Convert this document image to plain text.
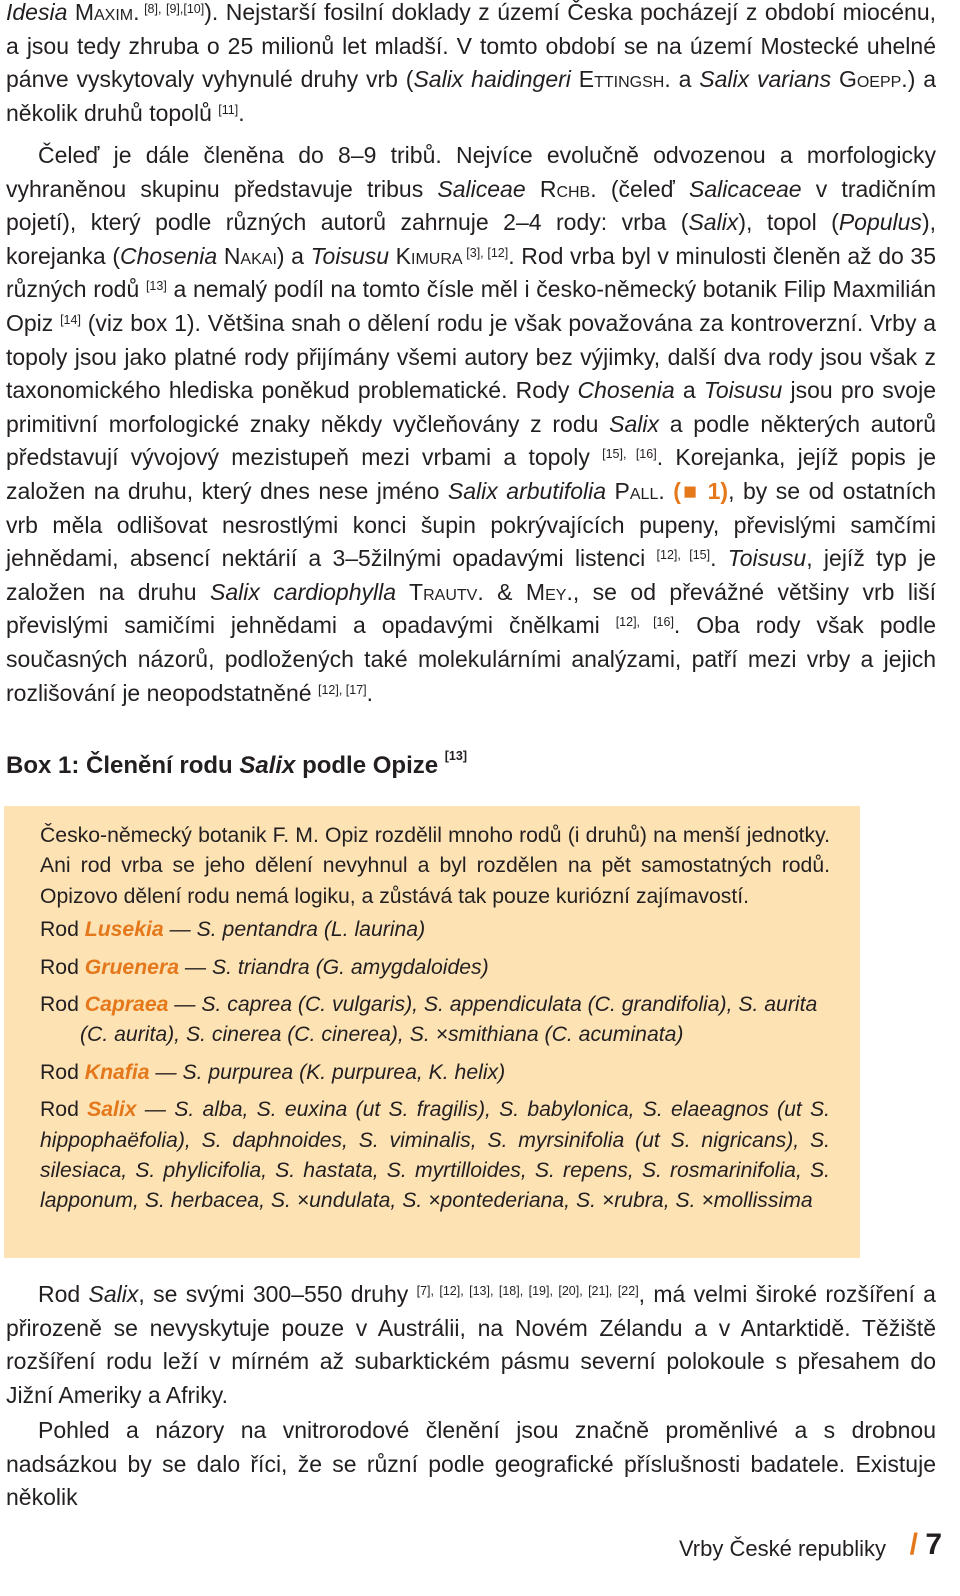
Idesia Maxim. [8], [9],[10]). Nejstarší fosilní doklady z území Česka pocházejí z období miocénu, a jsou tedy zhruba o 25 milionů let mladší. V tomto období se na území Mostecké uhelné pánve vyskytovaly vyhynulé druhy vrb (Salix haidingeri Ettingsh. a Salix varians Goepp.) a několik druhů topolů [11].

Čeleď je dále členěna do 8–9 tribů. Nejvíce evolučně odvozenou a morfologicky vyhraněnou skupinu představuje tribus Saliceae Rchb. (čeleď Salicaceae v tradičním pojetí), který podle různých autorů zahrnuje 2–4 rody: vrba (Salix), topol (Populus), korejanka (Chosenia Nakai) a Toisusu Kimura [3], [12]. Rod vrba byl v minulosti členěn až do 35 různých rodů [13] a nemalý podíl na tomto čísle měl i česko-německý botanik Filip Maxmilián Opiz [14] (viz box 1). Většina snah o dělení rodu je však považována za kontroverzní. Vrby a topoly jsou jako platné rody přijímány všemi autory bez výjimky, další dva rody jsou však z taxonomického hlediska poněkud problematické. Rody Chosenia a Toisusu jsou pro svoje primitivní morfologické znaky někdy vyčleňovány z rodu Salix a podle některých autorů představují vývojový mezistupeň mezi vrbami a topoly [15], [16]. Korejanka, jejíž popis je založen na druhu, který dnes nese jméno Salix arbutifolia Pall. (■ 1), by se od ostatních vrb měla odlišovat nesrostlými konci šupin pokrývajících pupeny, převislými samčími jehnědami, absencí nektárií a 3–5žilnými opadavými listenci [12], [15]. Toisusu, jejíž typ je založen na druhu Salix cardiophylla Trautv. & Mey., se od převážné většiny vrb liší převislými samičími jehnědami a opadavými čnělkami [12], [16]. Oba rody však podle současných názorů, podložených také molekulárními analýzami, patří mezi vrby a jejich rozlišování je neopodstatněné [12], [17].

Box 1: Členění rodu Salix podle Opize [13]

Česko-německý botanik F. M. Opiz rozdělil mnoho rodů (i druhů) na menší jednotky. Ani rod vrba se jeho dělení nevyhnul a byl rozdělen na pět samostatných rodů. Opizovo dělení rodu nemá logiku, a zůstává tak pouze kuriózní zajímavostí.

Rod Lusekia — S. pentandra (L. laurina)

Rod Gruenera — S. triandra (G. amygdaloides)

Rod Capraea — S. caprea (C. vulgaris), S. appendiculata (C. grandifolia), S. aurita
(C. aurita), S. cinerea (C. cinerea), S. ×smithiana (C. acuminata)

Rod Knafia — S. purpurea (K. purpurea, K. helix)

Rod Salix — S. alba, S. euxina (ut S. fragilis), S. babylonica, S. elaeagnos (ut S. hippophaëfolia), S. daphnoides, S. viminalis, S. myrsinifolia (ut S. nigricans), S. silesiaca, S. phylicifolia, S. hastata, S. myrtilloides, S. repens, S. rosmarinifolia, S. lapponum, S. herbacea, S. ×undulata, S. ×pontederiana, S. ×rubra, S. ×mollissima

Rod Salix, se svými 300–550 druhy [7], [12], [13], [18], [19], [20], [21], [22], má velmi široké rozšíření a přirozeně se nevyskytuje pouze v Austrálii, na Novém Zélandu a v Antarktidě. Těžiště rozšíření rodu leží v mírném až subarktickém pásmu severní polokoule s přesahem do Jižní Ameriky a Afriky.

Pohled a názory na vnitrorodové členění jsou značně proměnlivé a s drobnou nadsázkou by se dalo říci, že se různí podle geografické příslušnosti badatele. Existuje několik

Vrby České republiky / 7
